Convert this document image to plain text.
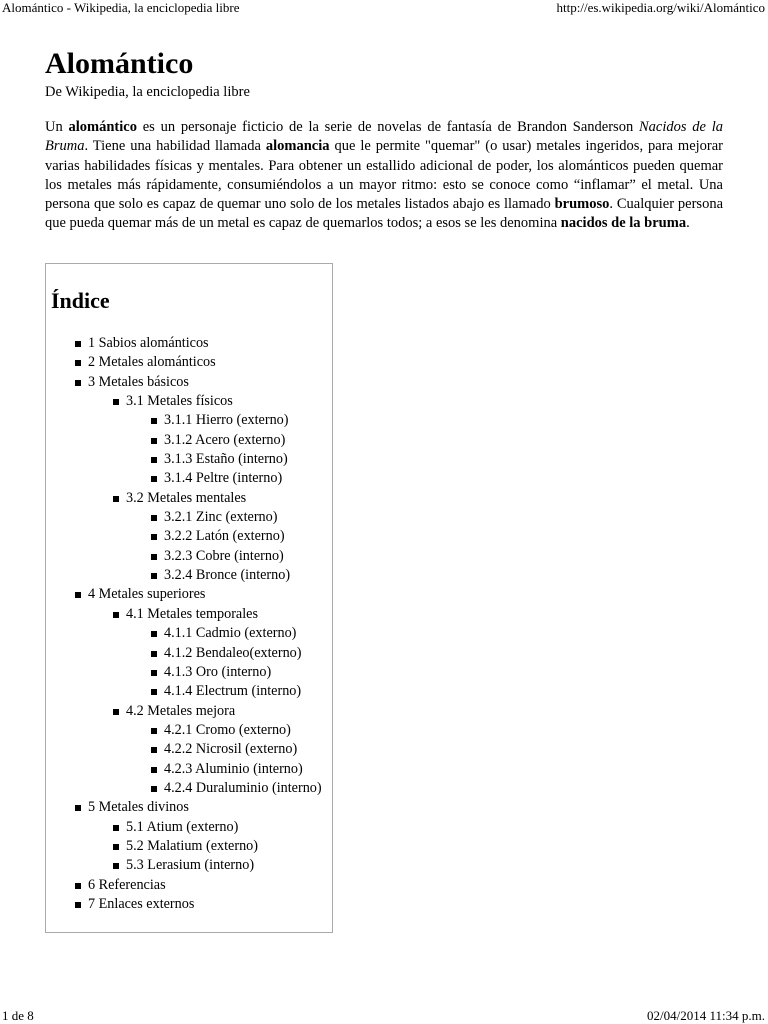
Alomántico - Wikipedia, la enciclopedia libre	http://es.wikipedia.org/wiki/Alomántico
Alomántico
De Wikipedia, la enciclopedia libre

Un alomántico es un personaje ficticio de la serie de novelas de fantasía de Brandon Sanderson Nacidos de la Bruma. Tiene una habilidad llamada alomancia que le permite "quemar" (o usar) metales ingeridos, para mejorar varias habilidades físicas y mentales. Para obtener un estallido adicional de poder, los alománticos pueden quemar los metales más rápidamente, consumiéndolos a un mayor ritmo: esto se conoce como “inflamar” el metal. Una persona que solo es capaz de quemar uno solo de los metales listados abajo es llamado brumoso. Cualquier persona que pueda quemar más de un metal es capaz de quemarlos todos; a esos se les denomina nacidos de la bruma.

Índice
1 Sabios alománticos
2 Metales alománticos
3 Metales básicos
3.1 Metales físicos
3.1.1 Hierro (externo)
3.1.2 Acero (externo)
3.1.3 Estaño (interno)
3.1.4 Peltre (interno)
3.2 Metales mentales
3.2.1 Zinc (externo)
3.2.2 Latón (externo)
3.2.3 Cobre (interno)
3.2.4 Bronce (interno)
4 Metales superiores
4.1 Metales temporales
4.1.1 Cadmio (externo)
4.1.2 Bendaleo(externo)
4.1.3 Oro (interno)
4.1.4 Electrum (interno)
4.2 Metales mejora
4.2.1 Cromo (externo)
4.2.2 Nicrosil (externo)
4.2.3 Aluminio (interno)
4.2.4 Duraluminio (interno)
5 Metales divinos
5.1 Atium (externo)
5.2 Malatium (externo)
5.3 Lerasium (interno)
6 Referencias
7 Enlaces externos
1 de 8	02/04/2014 11:34 p.m.
